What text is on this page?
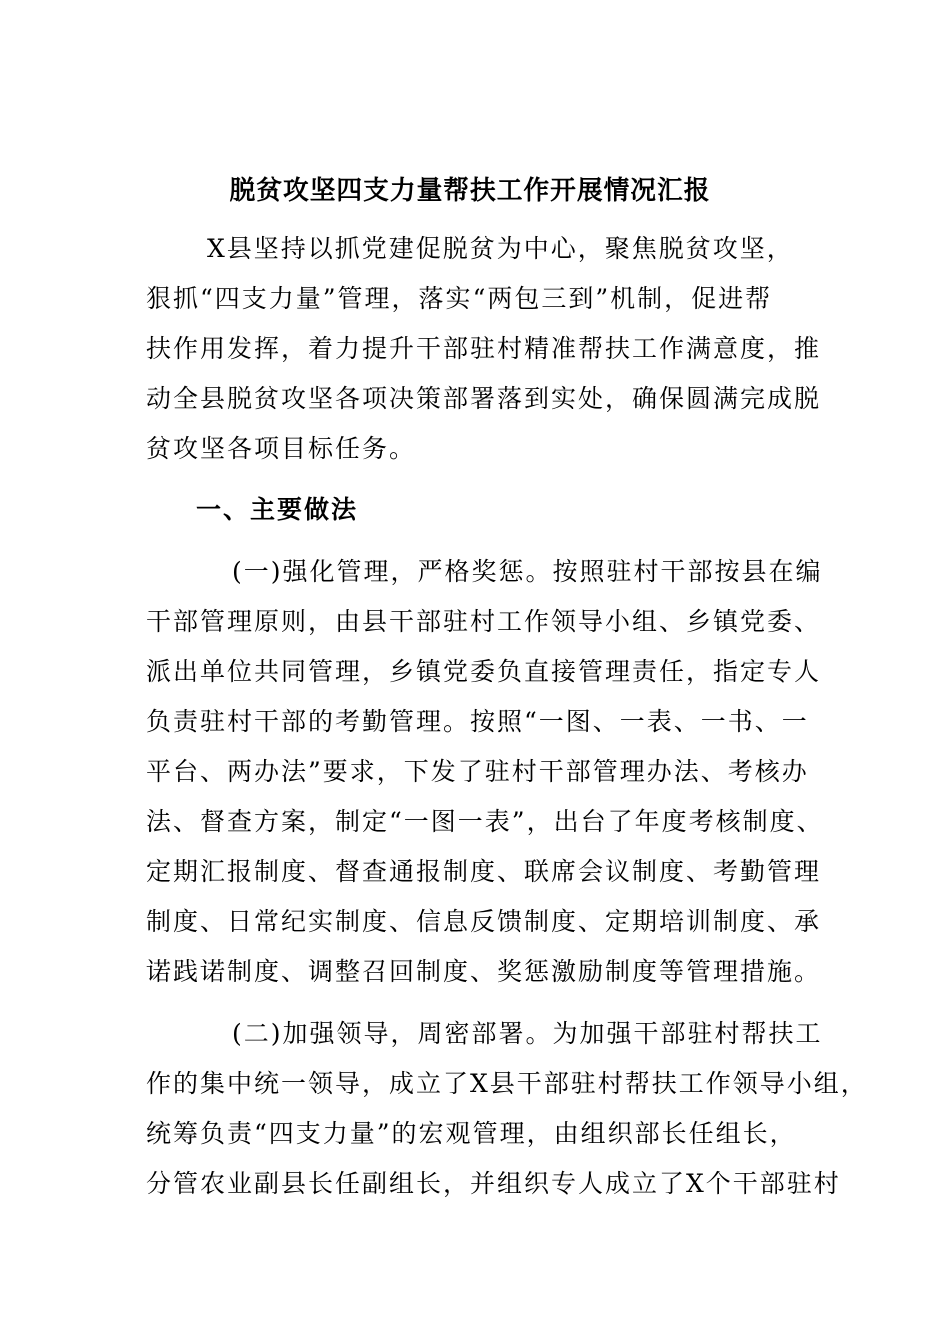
脱贫攻坚四支力量帮扶工作开展情况汇报
X县坚持以抓党建促脱贫为中心，聚焦脱贫攻坚，
狠抓“四支力量”管理，落实“两包三到”机制，促进帮
扶作用发挥，着力提升干部驻村精准帮扶工作满意度，推
动全县脱贫攻坚各项决策部署落到实处，确保圆满完成脱
贫攻坚各项目标任务。
一、主要做法
(一)强化管理，严格奖惩。按照驻村干部按县在编
干部管理原则，由县干部驻村工作领导小组、乡镇党委、
派出单位共同管理，乡镇党委负直接管理责任，指定专人
负责驻村干部的考勤管理。按照“一图、一表、一书、一
平台、两办法”要求，下发了驻村干部管理办法、考核办
法、督查方案，制定“一图一表”，出台了年度考核制度、
定期汇报制度、督查通报制度、联席会议制度、考勤管理
制度、日常纪实制度、信息反馈制度、定期培训制度、承
诺践诺制度、调整召回制度、奖惩激励制度等管理措施。
(二)加强领导，周密部署。为加强干部驻村帮扶工
作的集中统一领导，成立了X县干部驻村帮扶工作领导小组，
统筹负责“四支力量”的宏观管理，由组织部长任组长，
分管农业副县长任副组长，并组织专人成立了X个干部驻村
